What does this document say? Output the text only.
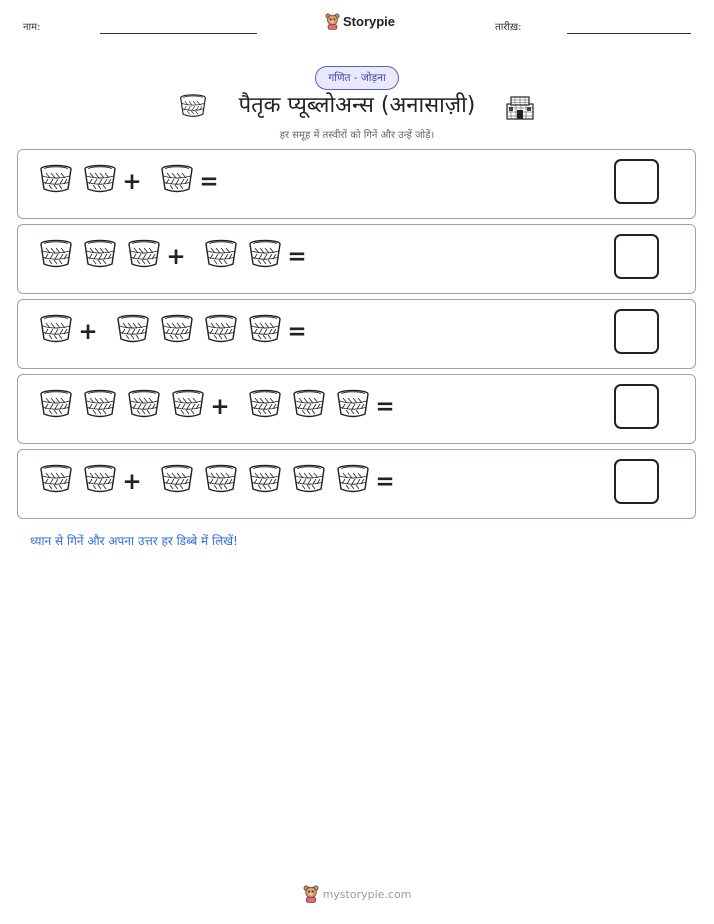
नाम:	Storypie	तारीख़:
गणित - जोड़ना
पैतृक प्यूब्लोअन्स (अनासाज़ी)
हर समूह में तस्वीरों को गिनें और उन्हें जोड़ें।
+	=
+	=
+	=
+	=
+	=
ध्यान से गिनें और अपना उत्तर हर डिब्बे में लिखें!
mystorypie.com
